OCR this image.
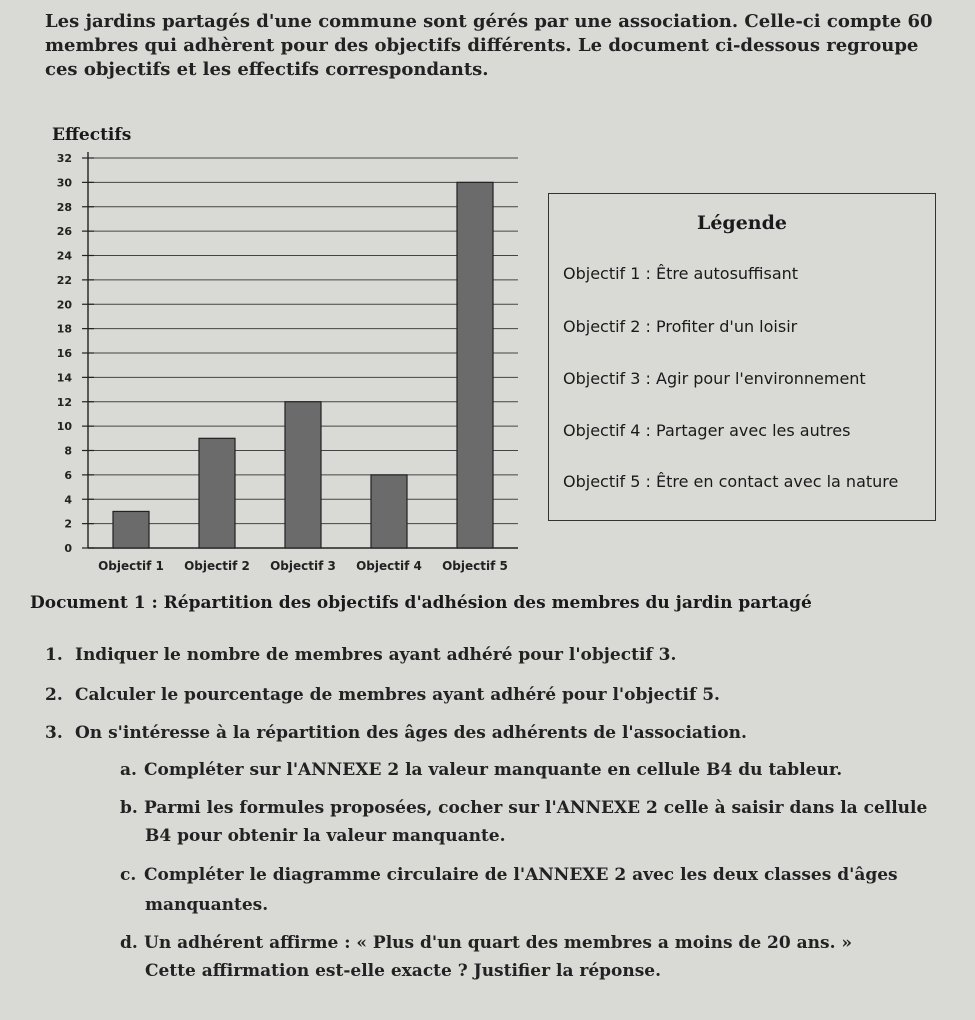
Les jardins partagés d'une commune sont gérés par une association. Celle-ci compte 60 membres qui adhèrent pour des objectifs différents. Le document ci-dessous regroupe ces objectifs et les effectifs correspondants.
Effectifs
0
2
4
6
8
10
12
14
16
18
20
22
24
26
28
30
32
Objectif 1 Objectif 2 Objectif 3 Objectif 4 Objectif 5
Légende
Objectif 1 : Être autosuffisant
Objectif 2 : Profiter d'un loisir
Objectif 3 : Agir pour l'environnement
Objectif 4 : Partager avec les autres
Objectif 5 : Être en contact avec la nature
Document 1 : Répartition des objectifs d'adhésion des membres du jardin partagé
1. Indiquer le nombre de membres ayant adhéré pour l'objectif 3.
2. Calculer le pourcentage de membres ayant adhéré pour l'objectif 5.
3. On s'intéresse à la répartition des âges des adhérents de l'association.
a. Compléter sur l'ANNEXE 2 la valeur manquante en cellule B4 du tableur.
b. Parmi les formules proposées, cocher sur l'ANNEXE 2 celle à saisir dans la cellule
B4 pour obtenir la valeur manquante.
c. Compléter le diagramme circulaire de l'ANNEXE 2 avec les deux classes d'âges
manquantes.
d. Un adhérent affirme : « Plus d'un quart des membres a moins de 20 ans. »
Cette affirmation est-elle exacte ? Justifier la réponse.
